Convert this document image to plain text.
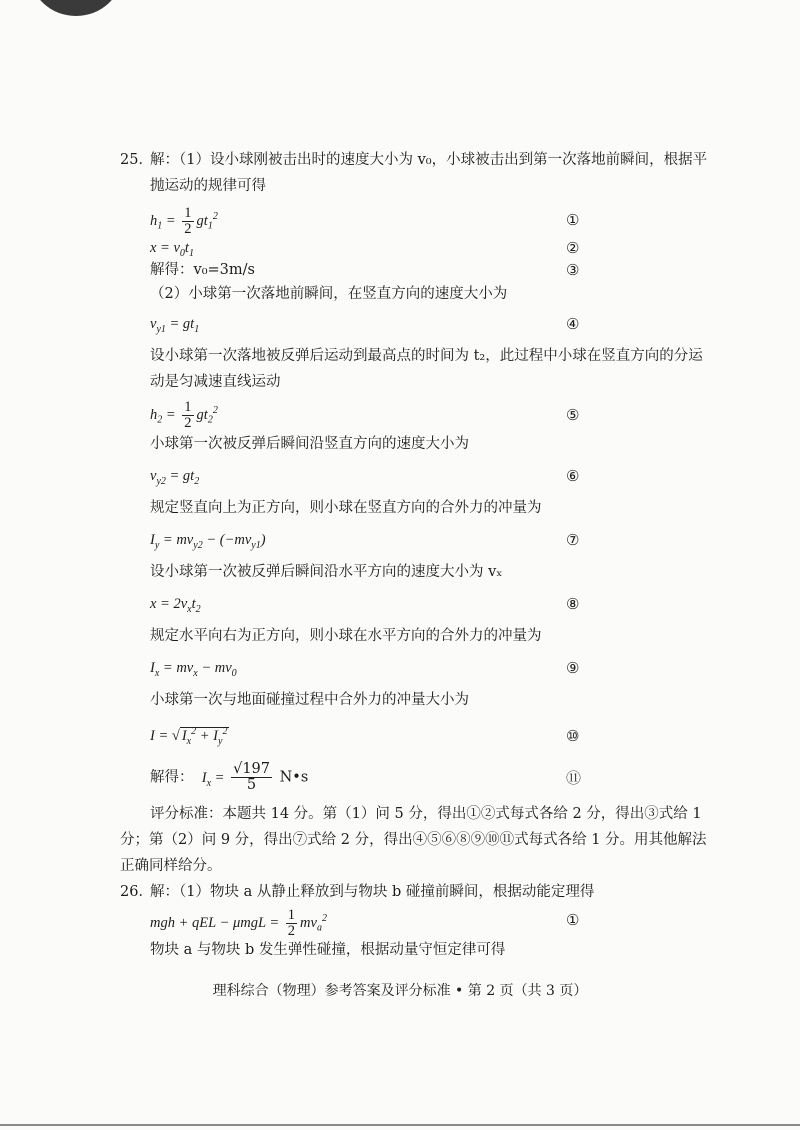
25．
解：（1）设小球刚被击出时的速度大小为 v₀，小球被击出到第一次落地前瞬间，根据平
抛运动的规律可得
$h_1 = \frac{1}{2} gt_1^2$	①
$x = v_0t_1$	②
解得：v₀=3m/s	③
（2）小球第一次落地前瞬间，在竖直方向的速度大小为
$v_{y1} = gt_1$	④
设小球第一次落地被反弹后运动到最高点的时间为 t₂，此过程中小球在竖直方向的分运
动是匀减速直线运动
$h_2 = \frac{1}{2} gt_2^2$	⑤
小球第一次被反弹后瞬间沿竖直方向的速度大小为
$v_{y2} = gt_2$	⑥
规定竖直向上为正方向，则小球在竖直方向的合外力的冲量为
$I_y = mv_{y2} - (-mv_{y1})$	⑦
设小球第一次被反弹后瞬间沿水平方向的速度大小为 vₓ
$x = 2v_xt_2$	⑧
规定水平向右为正方向，则小球在水平方向的合外力的冲量为
$I_x = mv_x - mv_0$	⑨
小球第一次与地面碰撞过程中合外力的冲量大小为
I = √ $I_x^2 + I_y^2$	⑩
解得：  $I_x = \frac{√197}{5}$ N•s	⑪
评分标准：本题共 14 分。第（1）问 5 分，得出①②式每式各给 2 分，得出③式给 1
分；第（2）问 9 分，得出⑦式给 2 分，得出④⑤⑥⑧⑨⑩⑪式每式各给 1 分。用其他解法
正确同样给分。
26．
解：（1）物块 a 从静止释放到与物块 b 碰撞前瞬间，根据动能定理得
mgh + qEL − $\mu mgL = \frac{1}{2} mv_a^2$	①
物块 a 与物块 b 发生弹性碰撞，根据动量守恒定律可得
理科综合（物理）参考答案及评分标准 • 第 2 页（共 3 页）
